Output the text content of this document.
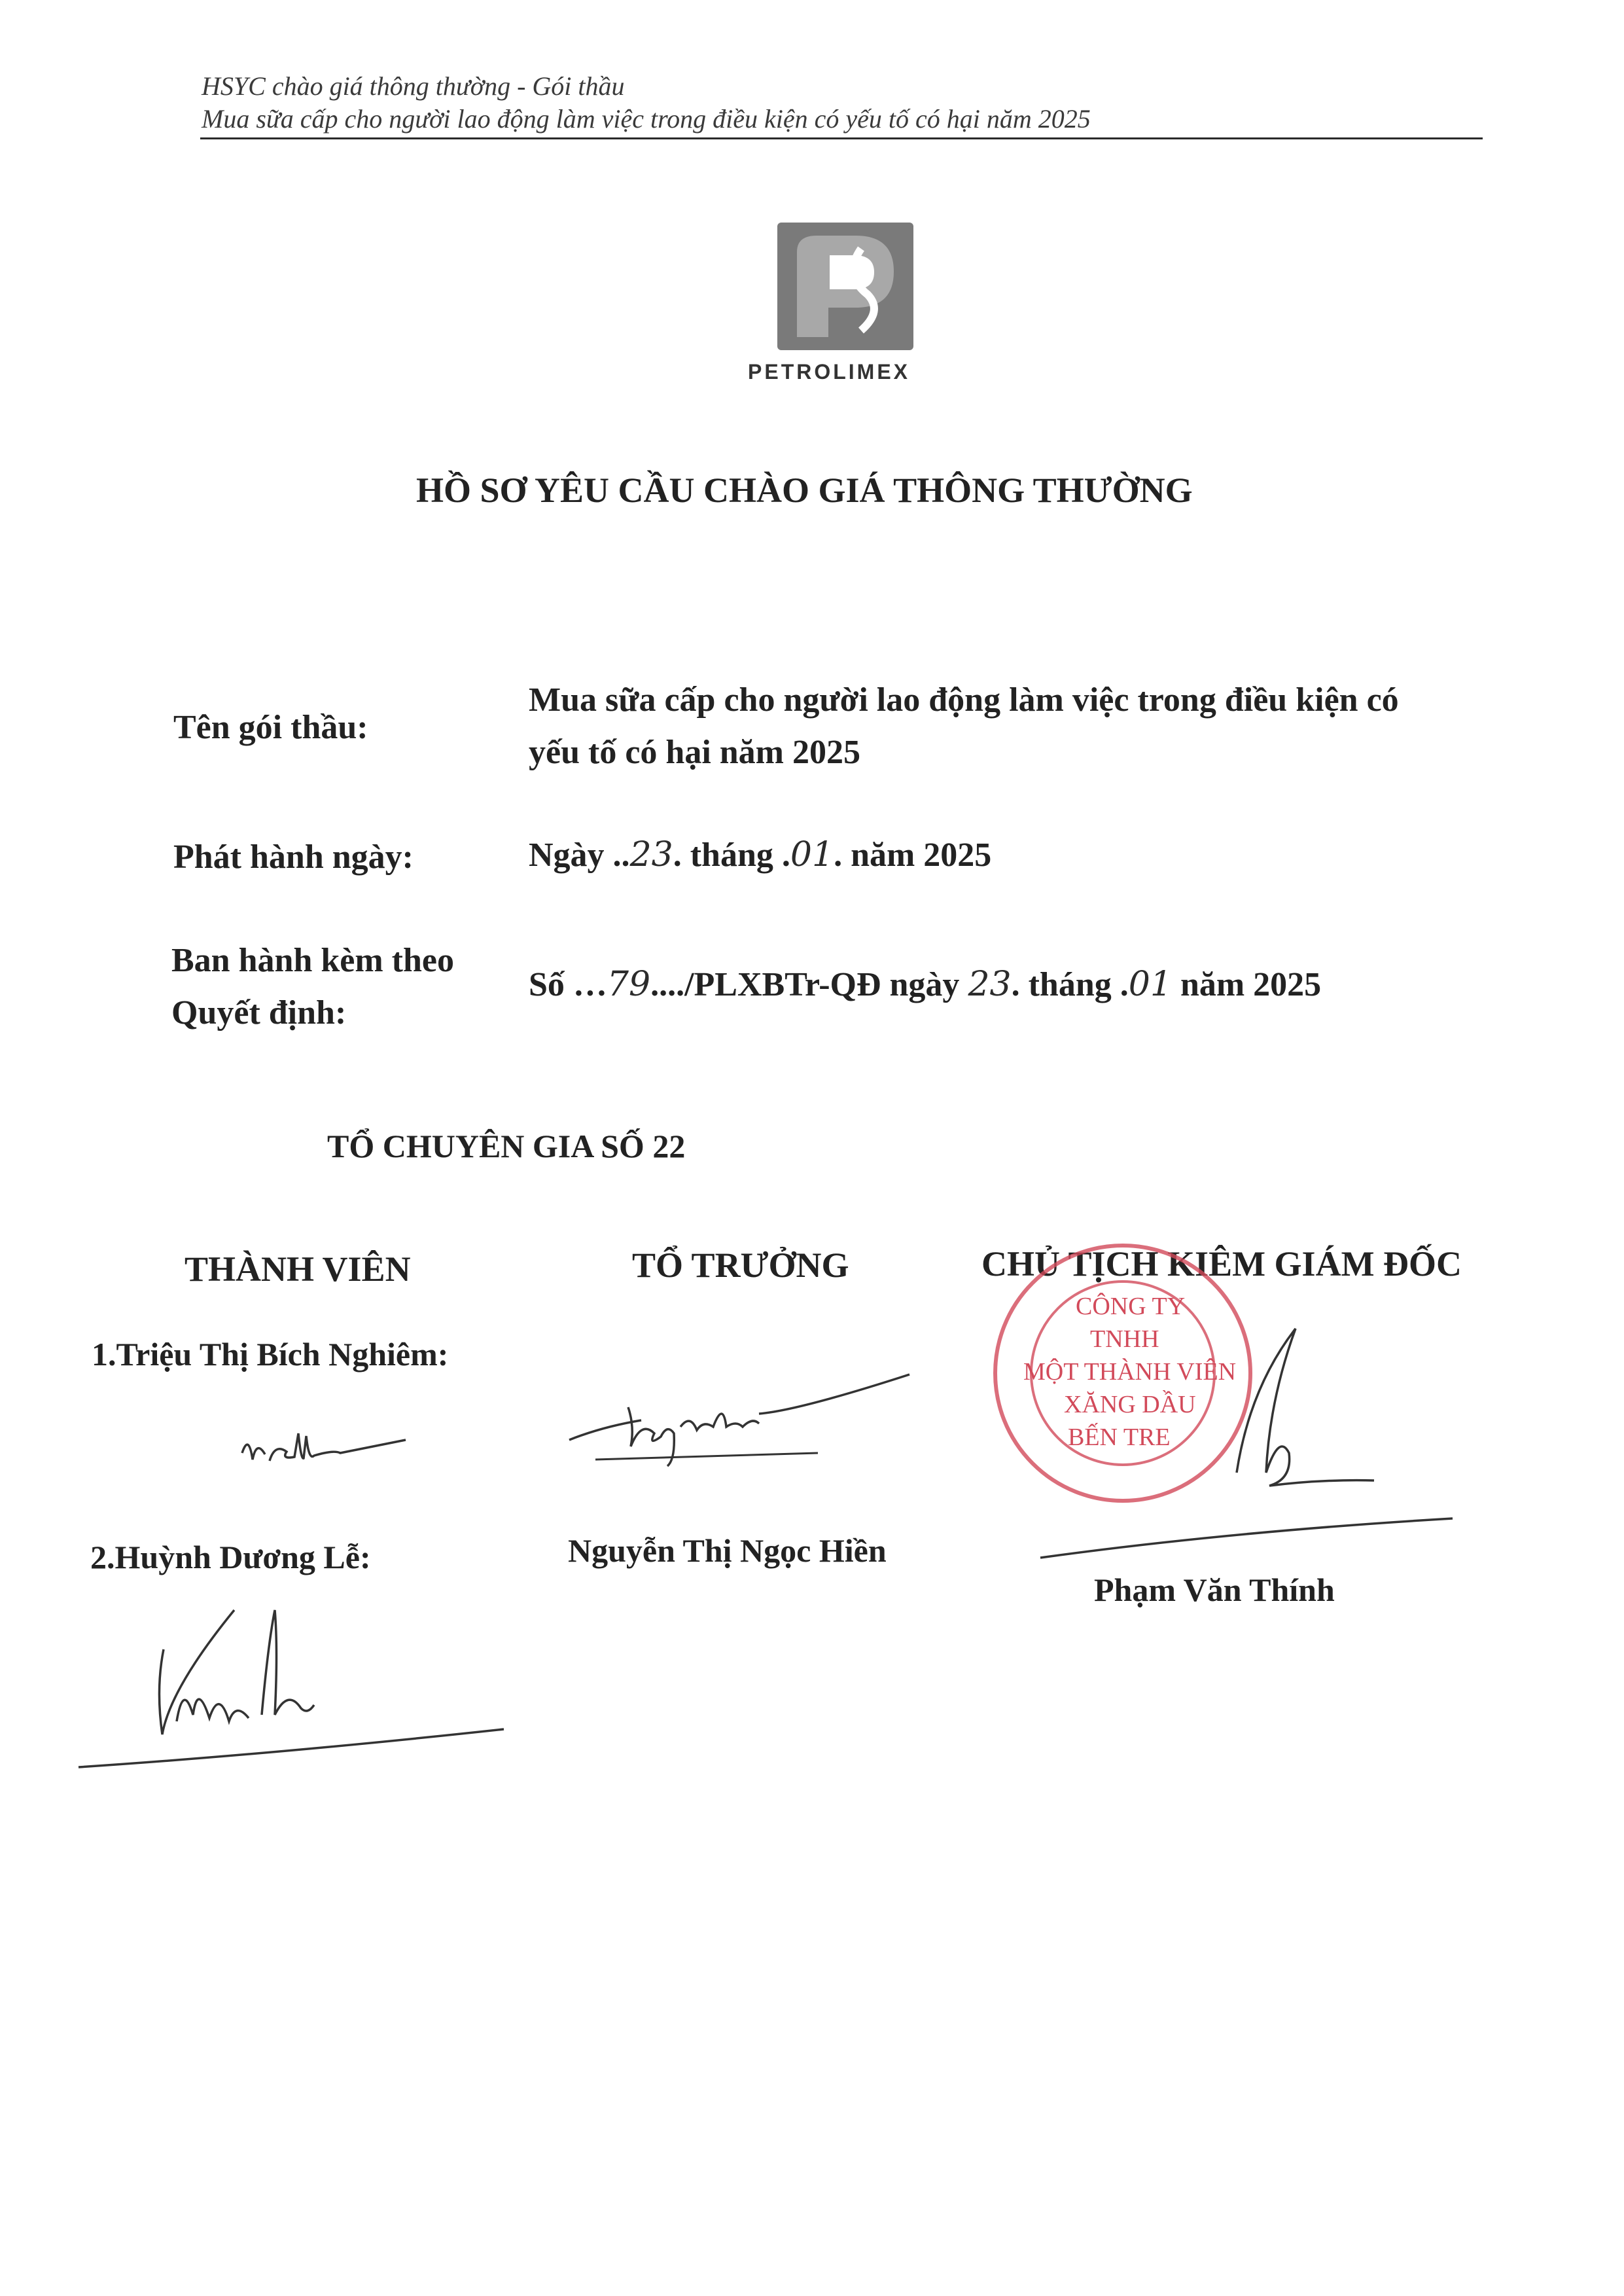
HSYC chào giá thông thường - Gói thầu
Mua sữa cấp cho người lao động làm việc trong điều kiện có yếu tố có hại năm 2025
PETROLIMEX
HỒ SƠ YÊU CẦU CHÀO GIÁ THÔNG THƯỜNG
Tên gói thầu:
Mua sữa cấp cho người lao động làm việc trong điều kiện có
yếu tố có hại năm 2025
Phát hành ngày:	Ngày ..23. tháng .01. năm 2025
Ban hành kèm theo
Quyết định:
Số …79..../PLXBTr-QĐ ngày 23. tháng .01 năm 2025
TỔ CHUYÊN GIA SỐ 22
THÀNH VIÊN	TỔ TRƯỞNG	CHỦ TỊCH KIÊM GIÁM ĐỐC
1.Triệu Thị Bích Nghiêm:
2.Huỳnh Dương Lễ:	Nguyễn Thị Ngọc Hiền
CÔNG TY
TNHH
MỘT THÀNH VIÊN
XĂNG DẦU
BẾN TRE
Phạm Văn Thính
